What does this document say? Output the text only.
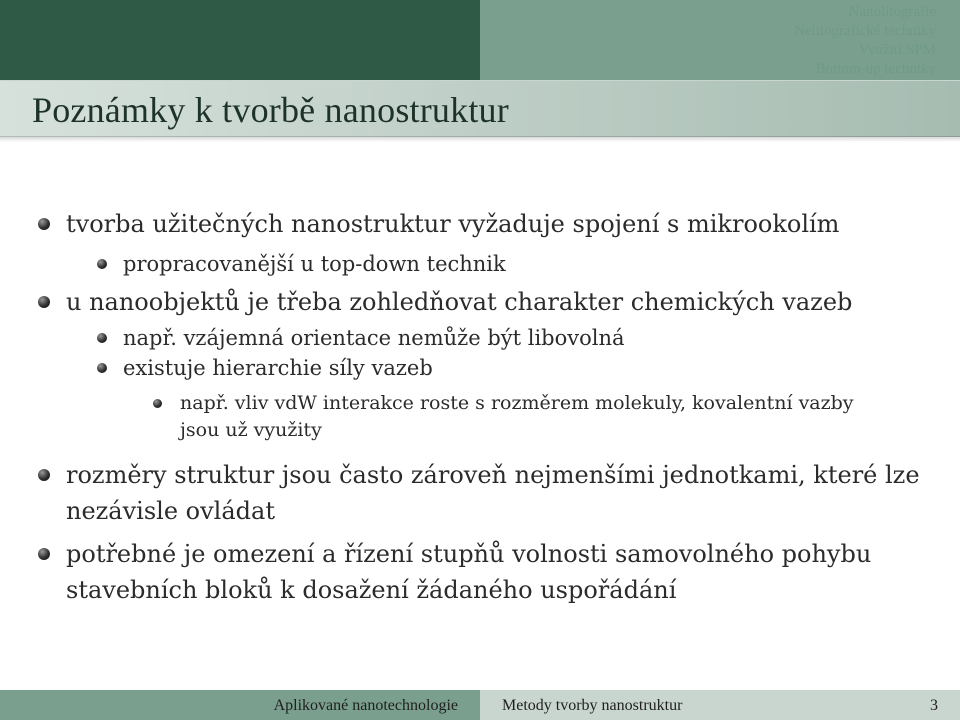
Nanolitografie
Nelitografické techniky
Využití SPM
Bottom-up techniky
Poznámky k tvorbě nanostruktur
tvorba užitečných nanostruktur vyžaduje spojení s mikrookolím
propracovanější u top-down technik
u nanoobjektů je třeba zohledňovat charakter chemických vazeb
např. vzájemná orientace nemůže být libovolná
existuje hierarchie síly vazeb
např. vliv vdW interakce roste s rozměrem molekuly, kovalentní vazby
jsou už využity
rozměry struktur jsou často zároveň nejmenšími jednotkami, které lze
nezávisle ovládat
potřebné je omezení a řízení stupňů volnosti samovolného pohybu
stavebních bloků k dosažení žádaného uspořádání
Aplikované nanotechnologie	Metody tvorby nanostruktur	3
